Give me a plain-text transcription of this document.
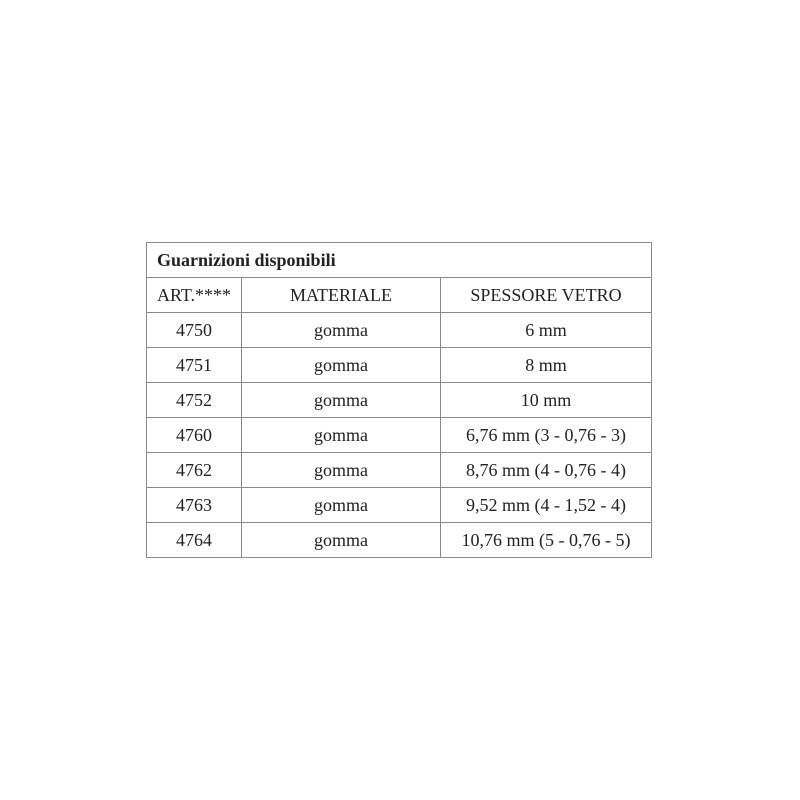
Guarnizioni disponibili		
ART.****	MATERIALE	SPESSORE VETRO
4750	gomma	6 mm
4751	gomma	8 mm
4752	gomma	10 mm
4760	gomma	6,76 mm (3 - 0,76 - 3)
4762	gomma	8,76 mm (4 - 0,76 - 4)
4763	gomma	9,52 mm (4 - 1,52 - 4)
4764	gomma	10,76 mm (5 - 0,76 - 5)
